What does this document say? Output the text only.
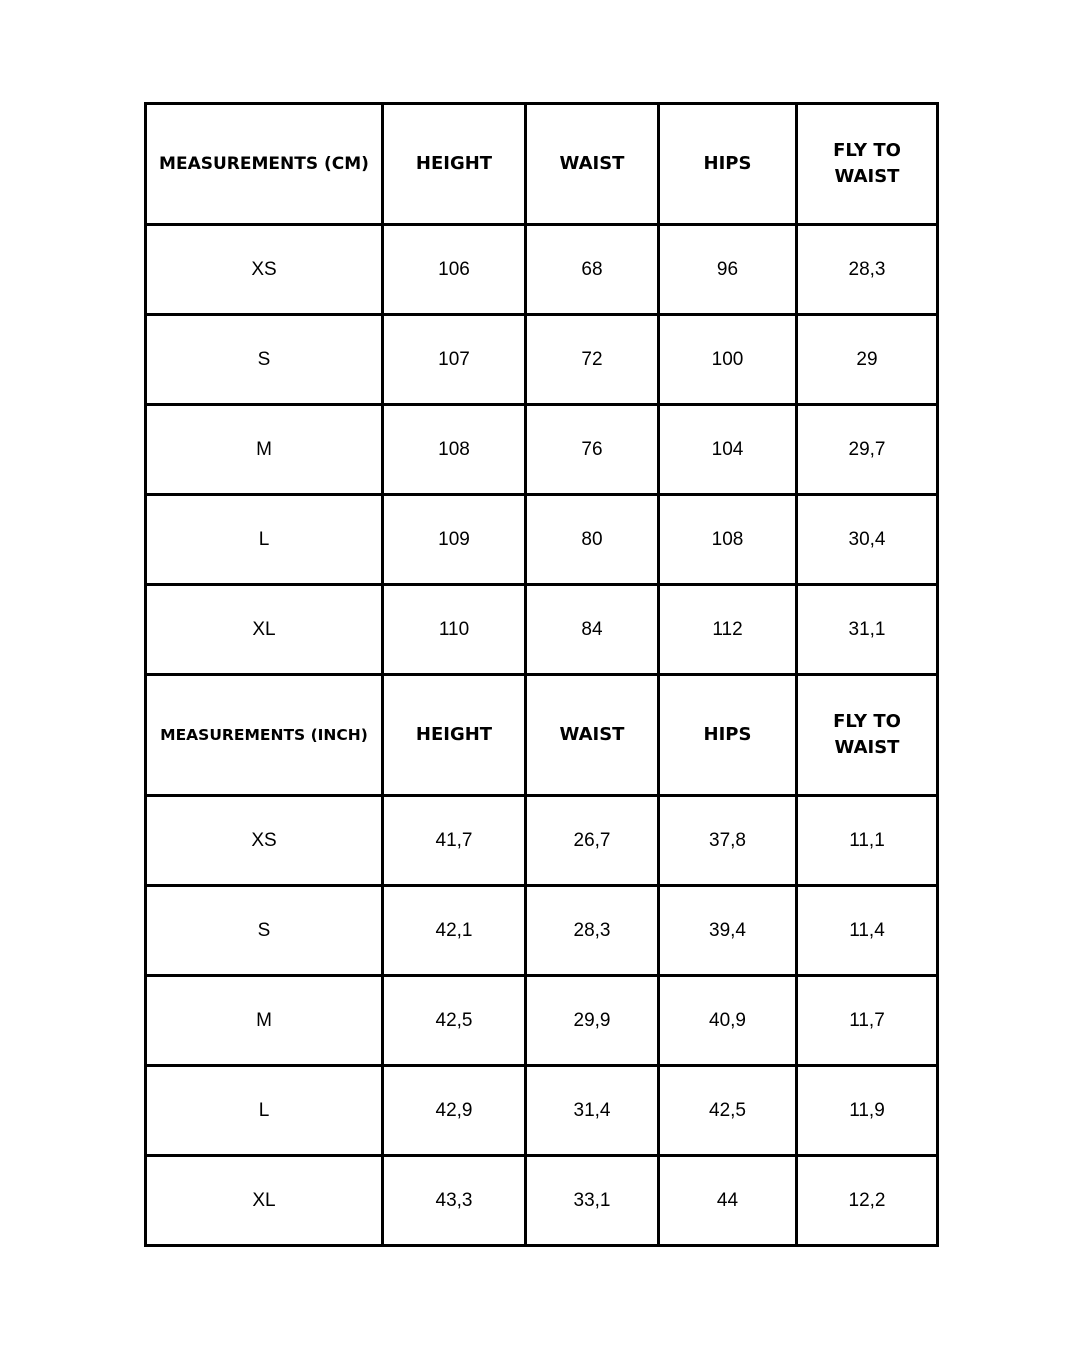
MEASUREMENTS (CM)	HEIGHT	WAIST	HIPS	FLY TO WAIST
XS	106	68	96	28,3
S	107	72	100	29
M	108	76	104	29,7
L	109	80	108	30,4
XL	110	84	112	31,1
MEASUREMENTS (INCH)	HEIGHT	WAIST	HIPS	FLY TO WAIST
XS	41,7	26,7	37,8	11,1
S	42,1	28,3	39,4	11,4
M	42,5	29,9	40,9	11,7
L	42,9	31,4	42,5	11,9
XL	43,3	33,1	44	12,2
